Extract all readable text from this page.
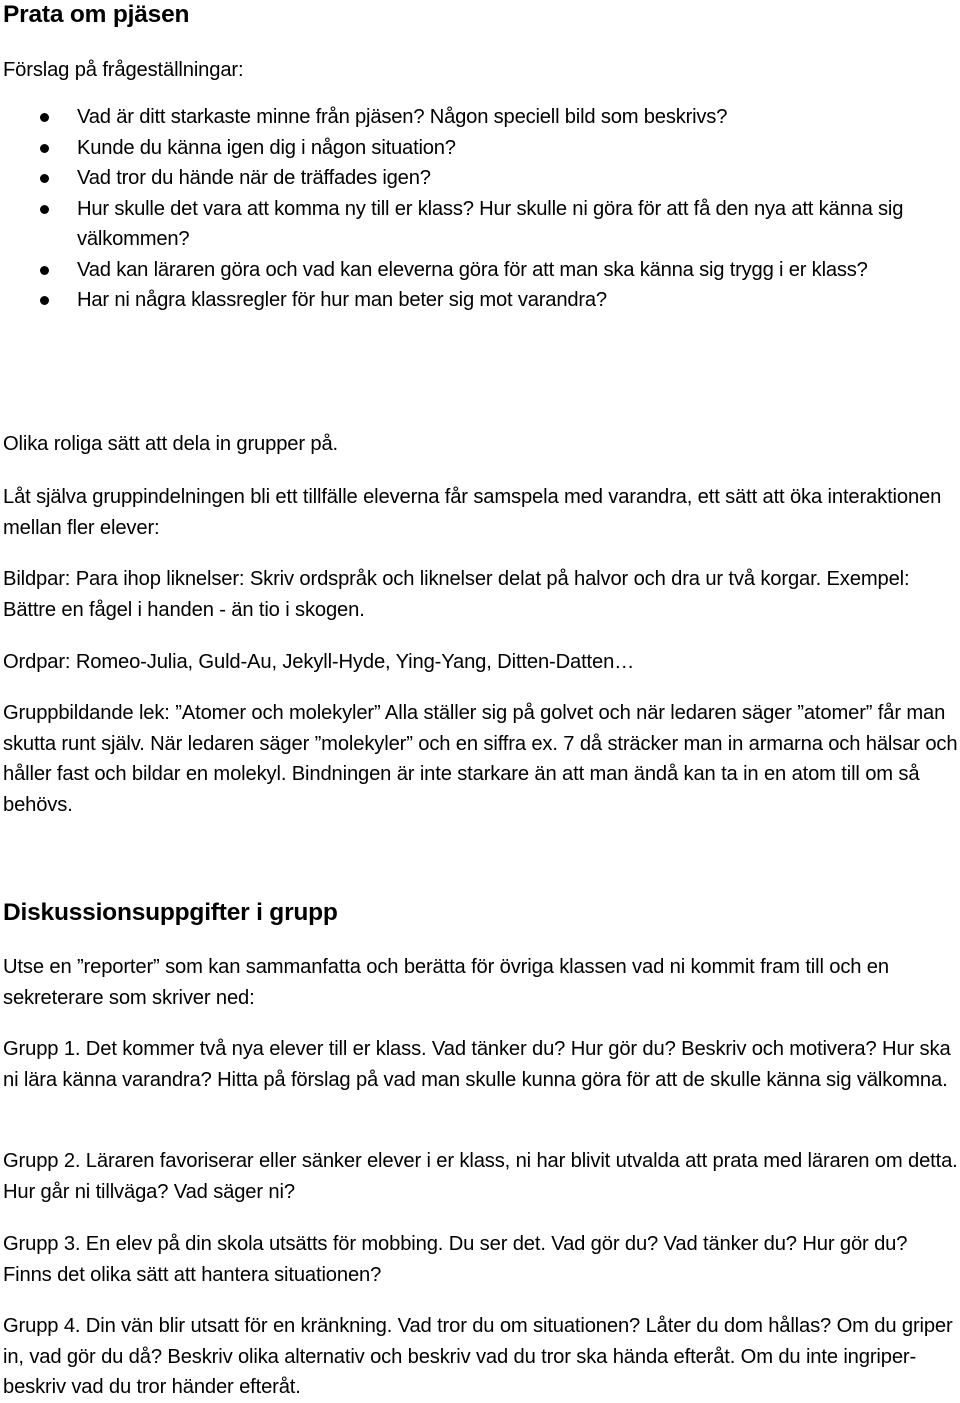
Prata om pjäsen

Förslag på frågeställningar:

Vad är ditt starkaste minne från pjäsen? Någon speciell bild som beskrivs?
Kunde du känna igen dig i någon situation?
Vad tror du hände när de träffades igen?
Hur skulle det vara att komma ny till er klass? Hur skulle ni göra för att få den nya att känna sig välkommen?
Vad kan läraren göra och vad kan eleverna göra för att man ska känna sig trygg i er klass?
Har ni några klassregler för hur man beter sig mot varandra?

Olika roliga sätt att dela in grupper på.

Låt själva gruppindelningen bli ett tillfälle eleverna får samspela med varandra, ett sätt att öka interaktionen mellan fler elever:

Bildpar: Para ihop liknelser: Skriv ordspråk och liknelser delat på halvor och dra ur två korgar. Exempel: Bättre en fågel i handen - än tio i skogen.

Ordpar: Romeo-Julia, Guld-Au, Jekyll-Hyde, Ying-Yang, Ditten-Datten…

Gruppbildande lek: ”Atomer och molekyler” Alla ställer sig på golvet och när ledaren säger ”atomer” får man skutta runt själv. När ledaren säger ”molekyler” och en siffra ex. 7 då sträcker man in armarna och hälsar och håller fast och bildar en molekyl. Bindningen är inte starkare än att man ändå kan ta in en atom till om så behövs.

Diskussionsuppgifter i grupp

Utse en ”reporter” som kan sammanfatta och berätta för övriga klassen vad ni kommit fram till och en sekreterare som skriver ned:

Grupp 1. Det kommer två nya elever till er klass. Vad tänker du? Hur gör du? Beskriv och motivera? Hur ska ni lära känna varandra? Hitta på förslag på vad man skulle kunna göra för att de skulle känna sig välkomna.

Grupp 2. Läraren favoriserar eller sänker elever i er klass, ni har blivit utvalda att prata med läraren om detta. Hur går ni tillväga? Vad säger ni?

Grupp 3. En elev på din skola utsätts för mobbing. Du ser det. Vad gör du? Vad tänker du? Hur gör du? Finns det olika sätt att hantera situationen?

Grupp 4. Din vän blir utsatt för en kränkning. Vad tror du om situationen? Låter du dom hållas? Om du griper in, vad gör du då? Beskriv olika alternativ och beskriv vad du tror ska hända efteråt. Om du inte ingriper- beskriv vad du tror händer efteråt.
